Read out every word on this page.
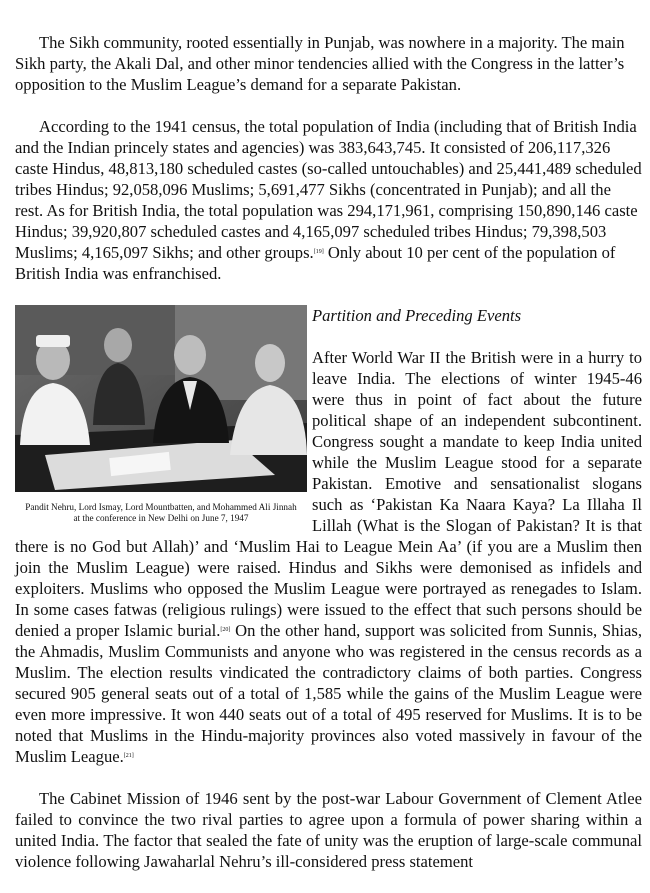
The Sikh community, rooted essentially in Punjab, was nowhere in a majority. The main Sikh party, the Akali Dal, and other minor tendencies allied with the Congress in the latter’s opposition to the Muslim League’s demand for a separate Pakistan.

According to the 1941 census, the total population of India (including that of British India and the Indian princely states and agencies) was 383,643,745. It consisted of 206,117,326 caste Hindus, 48,813,180 scheduled castes (so-called untouchables) and 25,441,489 scheduled tribes Hindus; 92,058,096 Muslims; 5,691,477 Sikhs (concentrated in Punjab); and all the rest. As for British India, the total population was 294,171,961, comprising 150,890,146 caste Hindus; 39,920,807 scheduled castes and 4,165,097 scheduled tribes Hindus; 79,398,503 Muslims; 4,165,097 Sikhs; and other groups.[19] Only about 10 per cent of the population of British India was enfranchised.

Pandit Nehru, Lord Ismay, Lord Mountbatten, and Mohammed Ali Jinnah at the conference in New Delhi on June 7, 1947

Partition and Preceding Events

After World War II the British were in a hurry to leave India. The elections of winter 1945-46 were thus in point of fact about the future political shape of an independent subcontinent. Congress sought a mandate to keep India united while the Muslim League stood for a separate Pakistan. Emotive and sensationalist slogans such as ‘Pakistan Ka Naara Kaya? La Illaha Il Lillah (What is the Slogan of Pakistan? It is that there is no God but Allah)’ and ‘Muslim Hai to League Mein Aa’ (if you are a Muslim then join the Muslim League) were raised. Hindus and Sikhs were demonised as infidels and exploiters. Muslims who opposed the Muslim League were portrayed as renegades to Islam. In some cases fatwas (religious rulings) were issued to the effect that such persons should be denied a proper Islamic burial.[20] On the other hand, support was solicited from Sunnis, Shias, the Ahmadis, Muslim Communists and anyone who was registered in the census records as a Muslim. The election results vindicated the contradictory claims of both parties. Congress secured 905 general seats out of a total of 1,585 while the gains of the Muslim League were even more impressive. It won 440 seats out of a total of 495 reserved for Muslims. It is to be noted that Muslims in the Hindu-majority provinces also voted massively in favour of the Muslim League.[21]

The Cabinet Mission of 1946 sent by the post-war Labour Government of Clement Atlee failed to convince the two rival parties to agree upon a formula of power sharing within a united India. The factor that sealed the fate of unity was the eruption of large-scale communal violence following Jawaharlal Nehru’s ill-considered press statement
